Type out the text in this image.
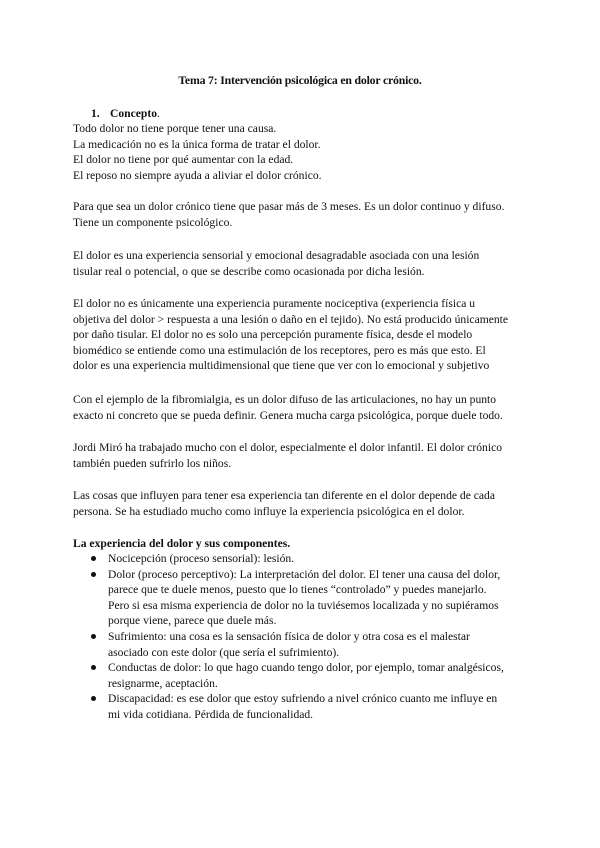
Tema 7: Intervención psicológica en dolor crónico.
1. Concepto.
Todo dolor no tiene porque tener una causa.
La medicación no es la única forma de tratar el dolor.
El dolor no tiene por qué aumentar con la edad.
El reposo no siempre ayuda a aliviar el dolor crónico.
Para que sea un dolor crónico tiene que pasar más de 3 meses. Es un dolor continuo y difuso.
Tiene un componente psicológico.
El dolor es una experiencia sensorial y emocional desagradable asociada con una lesión
tisular real o potencial, o que se describe como ocasionada por dicha lesión.
El dolor no es únicamente una experiencia puramente nociceptiva (experiencia física u
objetiva del dolor > respuesta a una lesión o daño en el tejido). No está producido únicamente
por daño tisular. El dolor no es solo una percepción puramente física, desde el modelo
biomédico se entiende como una estimulación de los receptores, pero es más que esto. El
dolor es una experiencia multidimensional que tiene que ver con lo emocional y subjetivo
Con el ejemplo de la fibromialgia, es un dolor difuso de las articulaciones, no hay un punto
exacto ni concreto que se pueda definir. Genera mucha carga psicológica, porque duele todo.
Jordi Miró ha trabajado mucho con el dolor, especialmente el dolor infantil. El dolor crónico
también pueden sufrirlo los niños.
Las cosas que influyen para tener esa experiencia tan diferente en el dolor depende de cada
persona. Se ha estudiado mucho como influye la experiencia psicológica en el dolor.
La experiencia del dolor y sus componentes.
Nocicepción (proceso sensorial): lesión.
Dolor (proceso perceptivo): La interpretación del dolor. El tener una causa del dolor,
parece que te duele menos, puesto que lo tienes “controlado” y puedes manejarlo.
Pero si esa misma experiencia de dolor no la tuviésemos localizada y no supiéramos
porque viene, parece que duele más.
Sufrimiento: una cosa es la sensación física de dolor y otra cosa es el malestar
asociado con este dolor (que sería el sufrimiento).
Conductas de dolor: lo que hago cuando tengo dolor, por ejemplo, tomar analgésicos,
resignarme, aceptación.
Discapacidad: es ese dolor que estoy sufriendo a nivel crónico cuanto me influye en
mi vida cotidiana. Pérdida de funcionalidad.
